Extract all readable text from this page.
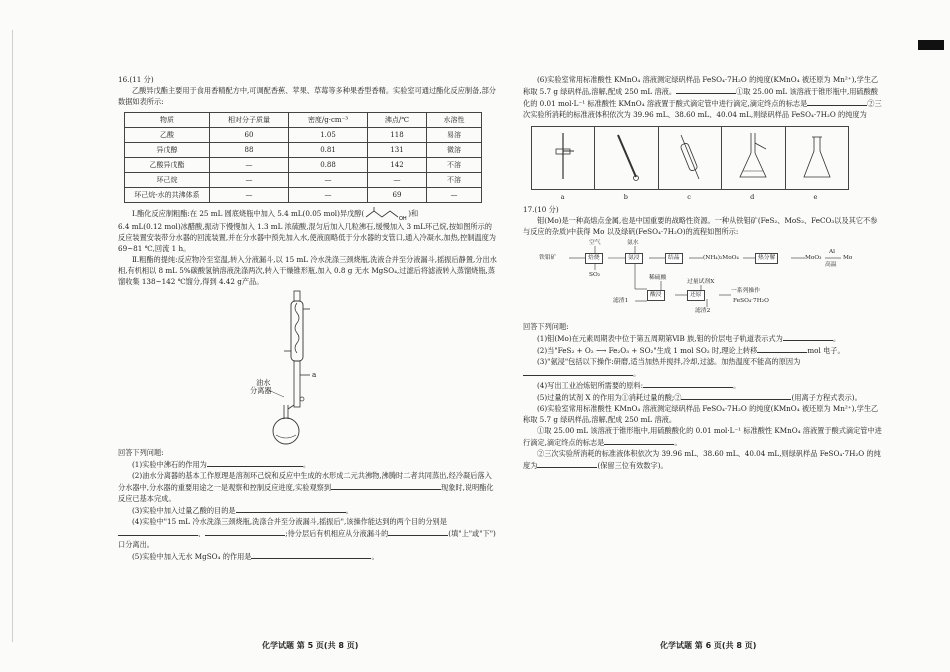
16.(11 分)
乙酸异戊酯主要用于食用香精配方中,可调配香蕉、苹果、草莓等多种果香型香精。实验室可通过酯化反应制备,部分数据如表所示:
物质	相对分子质量	密度/g·cm⁻³	沸点/℃	水溶性
乙酸	60	1.05	118	易溶
异戊醇	88	0.81	131	微溶
乙酸异戊酯	—	0.88	142	不溶
环己烷	—	—	—	不溶
环己烷-水的共沸体系	—	—	69	—
Ⅰ.酯化反应制粗酯:在 25 mL 圆底烧瓶中加入 5.4 mL(0.05 mol)异戊醇(
OH
)和
6.4 mL(0.12 mol)冰醋酸,振动下慢慢加入 1.3 mL 浓硫酸,混匀后加入几粒沸石,缓慢加入 3 mL环己烷,按如图所示的反应装置安装带分水器的回流装置,并在分水器中预先加入水,使液面略低于分水器的支管口,通入冷凝水,加热,控制温度为 69~81 ℃,回流 1 h。
Ⅱ.粗酯的提纯:反应物冷至室温,转入分液漏斗,以 15 mL 冷水洗涤三颈烧瓶,洗液合并至分液漏斗,摇振后静置,分出水相,有机相以 8 mL 5%碳酸氢钠溶液洗涤两次,转入干燥锥形瓶,加入 0.8 g 无水 MgSO₄,过滤后将滤液转入蒸馏烧瓶,蒸馏收集 138~142 ℃馏分,得到 4.42 g产品。
a
油水
分离器
回答下列问题:
(1)实验中沸石的作用为	。
(2)油水分离器的基本工作原理是溶剂环己烷和反应中生成的水形成二元共沸物,沸腾时二者共同蒸出,经冷凝后落入分水器中,分水器的重要用途之一是观察和控制反应进度,实验观察到	现象时,说明酯化反应已基本完成。
(3)实验中加入过量乙酸的目的是	。
(4)实验中"15 mL 冷水洗涤三颈烧瓶,洗涤合并至分液漏斗,摇振后",该操作能达到的两个目的分别是、	;待分层后有机相应从分液漏斗的	(填"上"或"下")口分离出。
(5)实验中加入无水 MgSO₄ 的作用是	。
化学试题 第 5 页(共 8 页)
(6)实验室常用标准酸性 KMnO₄ 溶液测定绿矾样品 FeSO₄·7H₂O 的纯度(KMnO₄ 被还原为 Mn²⁺),学生乙称取 5.7 g 绿矾样品,溶解,配成 250 mL 溶液。	①取 25.00 mL 该溶液于锥形瓶中,用硫酸酸化的 0.01 mol·L⁻¹ 标准酸性 KMnO₄ 溶液置于酸式滴定管中进行滴定,滴定终点的标志是	②三次实验所消耗的标准液体积依次为 39.96 mL、38.60 mL、40.04 mL,则绿矾样品 FeSO₄·7H₂O 的纯度为
a	b	c	d	e
17.(10 分)
钼(Mo)是一种高熔点金属,也是中国重要的战略性资源。一种从铁钼矿(FeS₂、MoS₂、FeCO₃以及其它不参与反应的杂质)中获得 Mo 以及绿矾(FeSO₄·7H₂O)的流程如图所示:
空气	氨水
铁钼矿	焙烧	氨浸	结晶	(NH₄)₂MoO₄	热分解	MoO₃
Al
高温
Mo
SO₂	稀硫酸
过量试剂X
滤渣1
酸浸	还原
一系列操作
FeSO₄·7H₂O
滤渣2
回答下列问题:
(1)钼(Mo)在元素周期表中位于第五周期第ⅥB 族,钼的价层电子轨道表示式为	。
(2)当"FeS₂ + O₂ ⟶ Fe₂O₃ + SO₂"生成 1 mol SO₂ 时,理论上转移	mol 电子。
(3)"氨浸"包括以下操作:研磨,适当加热并搅拌,冷却,过滤。加热温度不能高的原因为。
(4)写出工业冶炼铝所需要的原料:	。
(5)过量的试剂 X 的作用为①消耗过量的酸;②	(用离子方程式表示)。
(6)实验室常用标准酸性 KMnO₄ 溶液测定绿矾样品 FeSO₄·7H₂O 的纯度(KMnO₄ 被还原为 Mn²⁺),学生乙称取 5.7 g 绿矾样品,溶解,配成 250 mL 溶液。
①取 25.00 mL 该溶液于锥形瓶中,用硫酸酸化的 0.01 mol·L⁻¹ 标准酸性 KMnO₄ 溶液置于酸式滴定管中进行滴定,滴定终点的标志是	。
②三次实验所消耗的标准液体积依次为 39.96 mL、38.60 mL、40.04 mL,则绿矾样品 FeSO₄·7H₂O 的纯度为	(保留三位有效数字)。
化学试题 第 6 页(共 8 页)
